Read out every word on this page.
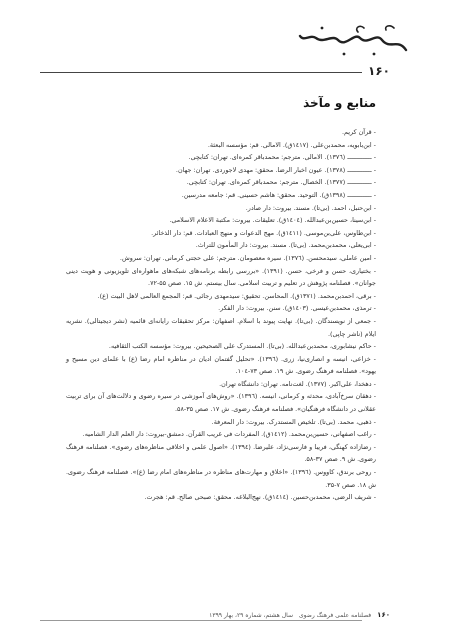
۱۶۰
منابع و مآخذ

- قرآن کریم.

- ابن‌بابویه، محمدبن‌علی. (۱٤۱۷ق). الامالی. قم: مؤسسه البعثة.

- ـــــــــــــ (۱۳۷٦). الامالی. مترجم: محمدباقر کمره‌ای. تهران: کتابچی.

- ـــــــــــــ (۱۳۷۸). عیون اخبار الرضا. محقق: مهدی لاجوردی. تهران: جهان.

- ـــــــــــــ (۱۳۷۷). الخصال. مترجم: محمدباقر کمره‌ای. تهران: کتابچی.

- ـــــــــــــ (۱۳۹۸ق). التوحید. محقق: هاشم حسینی. قم: جامعه مدرسین.

- ابن‌حنبل، احمد. (بی‌تا). مسند. بیروت: دار صادر.

- ابن‌سینا، حسین‌بن‌عبدالله. (۱٤۰٤ق). تعلیقات. بیروت: مکتبة الاعلام الاسلامی.

- ابن‌طاوس، علی‌بن‌موسی. (۱٤۱۱ق). مهج الدعوات و منهج العبادات. قم: دار الذخائر.

- ابی‌یعلی، محمدبن‌محمد. (بی‌تا). مسند. بیروت: دار المأمون للتراث.

- امین عاملی، سیدمحسن. (۱۳۷٦). سیره معصومان. مترجم: علی حجتی کرمانی. تهران: سروش.

- بختیاری، حسن و فرخی، حسن. (۱۳۹۱). «بررسی رابطه برنامه‌های شبکه‌های ماهواره‌ای تلویزیونی و هویت دینی جوانان». فصلنامه پژوهش در تعلیم و تربیت اسلامی. سال بیستم. ش ۱۵. صص ۵۵-۷۲.

- برقی، احمدبن‌محمد. (۱۳۷۱ق). المحاسن. تحقیق: سیدمهدی رجائی. قم: المجمع العالمی لاهل البیت (ع).

- ترمذی، محمدبن‌عیسی. (۱٤۰۳ق). سنن. بیروت: دار الفکر.

- جمعی از نویسندگان. (بی‌تا). نهایت پیوند با اسلام. اصفهان: مرکز تحقیقات رایانه‌ای قائمیه (نشر دیجیتالی). نشریه ایلام (ناشر چاپی).

- حاکم نیشابوری، محمدبن‌عبدالله. (بی‌تا). المستدرک علی الصحیحین. بیروت: مؤسسه الکتب الثقافیه.

- خزاعی، انیسه و انصاری‌نیا، زری. (۱۳۹٦). «تحلیل گفتمان ادیان در مناظره امام رضا (ع) با علمای دین مسیح و یهود». فصلنامه فرهنگ رضوی. ش ۱۹. صص ۷۳-۱۰٤.

- دهخدا، علی‌اکبر. (۱۳۷۷). لغت‌نامه. تهران: دانشگاه تهران.

- دهقان سرخ‌آبادی، محدثه و کرمانی، انیسه. (۱۳۹٦). «روش‌های آموزشی در سیره رضوی و دلالت‌های آن برای تربیت عقلانی در دانشگاه فرهنگیان». فصلنامه فرهنگ رضوی. ش ۱۷. صص ۳۵-۵۸.

- ذهبی، محمد. (بی‌تا). تلخیص المستدرک. بیروت: دار المعرفة.

- راغب اصفهانی، حسین‌بن‌محمد. (۱٤۱۲ق). المفردات فی غریب القرآن. دمشق-بیروت: دار العلم الدار الشامیه.

- رضازاده کهنگی، فریبا و فارسی‌نژاد، علیرضا. (۱۳۹٤). «اصول علمی و اخلاقی مناظره‌های رضوی». فصلنامه فرهنگ رضوی. ش ۹. صص ۳۷-۵۸.

- روحی برندق، کاووس. (۱۳۹٦). «اخلاق و مهارت‌های مناظره در مناظره‌های امام رضا (ع)». فصلنامه فرهنگ رضوی. ش ۱۸. صص ۷-۳۵.

- شریف الرضی، محمدبن‌حسین. (۱٤۱٤ق). نهج‌البلاغه. محقق: صبحی صالح. قم: هجرت.

۱۶۰
فصلنامه علمی فرهنگ رضوی
سال هشتم، شماره ۲۹، بهار ۱۳۹۹
